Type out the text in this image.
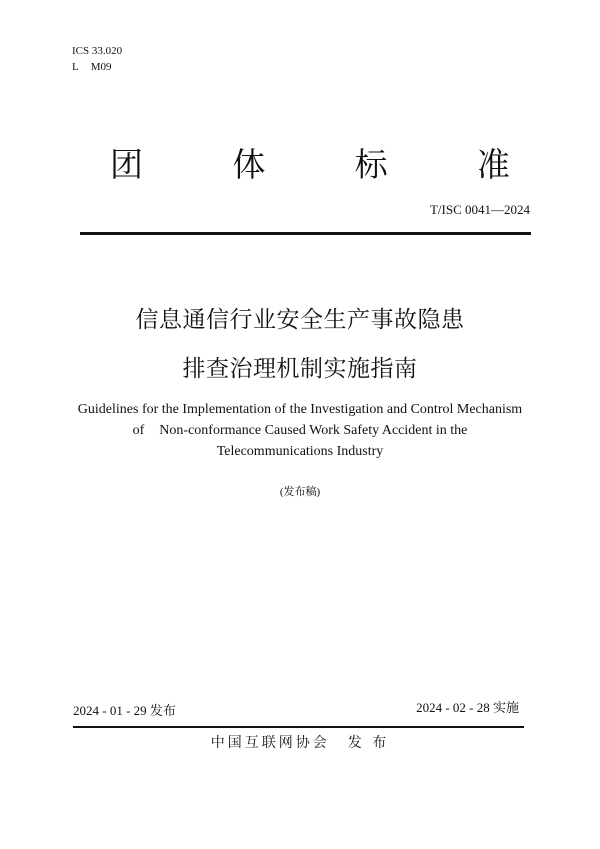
ICS 33.020
L M09
团	体	标	准
T/ISC 0041—2024
信息通信行业安全生产事故隐患
排查治理机制实施指南
Guidelines for the Implementation of the Investigation and Control Mechanism
of Non-conformance Caused Work Safety Accident in the
Telecommunications Industry
(发布稿)
2024 - 01 - 29 发布	2024 - 02 - 28 实施
中国互联网协会 发 布
